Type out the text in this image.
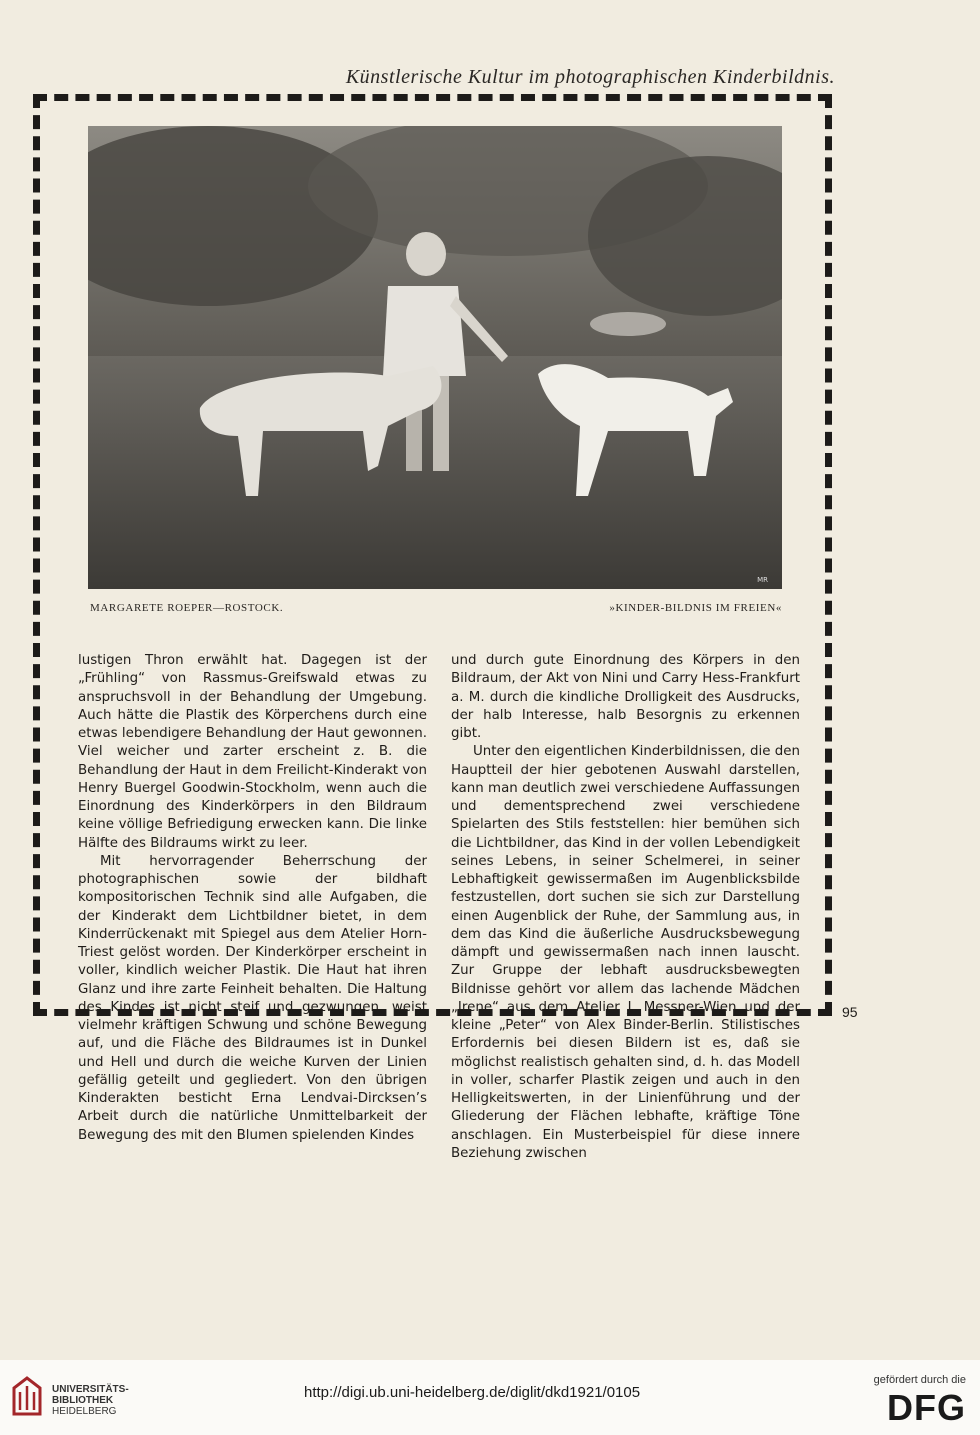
Künstlerische Kultur im photographischen Kinderbildnis.
MR
MARGARETE ROEPER—ROSTOCK.	»KINDER-BILDNIS IM FREIEN«

lustigen Thron erwählt hat. Dagegen ist der „Frühling“ von Rassmus-Greifswald etwas zu anspruchsvoll in der Behandlung der Umgebung. Auch hätte die Plastik des Körperchens durch eine etwas lebendigere Behandlung der Haut gewonnen. Viel weicher und zarter erscheint z. B. die Behandlung der Haut in dem Freilicht-Kinderakt von Henry Buergel Goodwin-Stockholm, wenn auch die Einordnung des Kinderkörpers in den Bildraum keine völlige Befriedigung erwecken kann. Die linke Hälfte des Bildraums wirkt zu leer.

Mit hervorragender Beherrschung der photographischen sowie der bildhaft kompositorischen Technik sind alle Aufgaben, die der Kinderakt dem Lichtbildner bietet, in dem Kinderrückenakt mit Spiegel aus dem Atelier Horn-Triest gelöst worden. Der Kinderkörper erscheint in voller, kindlich weicher Plastik. Die Haut hat ihren Glanz und ihre zarte Feinheit behalten. Die Haltung des Kindes ist nicht steif und gezwungen, weist vielmehr kräftigen Schwung und schöne Bewegung auf, und die Fläche des Bildraumes ist in Dunkel und Hell und durch die weiche Kurven der Linien gefällig geteilt und gegliedert. Von den übrigen Kinderakten besticht Erna Lendvai-Dircksen’s Arbeit durch die natürliche Unmittelbarkeit der Bewegung des mit den Blumen spielenden Kindes

und durch gute Einordnung des Körpers in den Bildraum, der Akt von Nini und Carry Hess-Frankfurt a. M. durch die kindliche Drolligkeit des Ausdrucks, der halb Interesse, halb Besorgnis zu erkennen gibt.

Unter den eigentlichen Kinderbildnissen, die den Hauptteil der hier gebotenen Auswahl darstellen, kann man deutlich zwei verschiedene Auffassungen und dementsprechend zwei verschiedene Spielarten des Stils feststellen: hier bemühen sich die Lichtbildner, das Kind in der vollen Lebendigkeit seines Lebens, in seiner Schelmerei, in seiner Lebhaftigkeit gewissermaßen im Augenblicksbilde festzustellen, dort suchen sie sich zur Darstellung einen Augenblick der Ruhe, der Sammlung aus, in dem das Kind die äußerliche Ausdrucksbewegung dämpft und gewissermaßen nach innen lauscht. Zur Gruppe der lebhaft ausdrucksbewegten Bildnisse gehört vor allem das lachende Mädchen „Irene“ aus dem Atelier J. Messner-Wien und der kleine „Peter“ von Alex Binder-Berlin. Stilistisches Erfordernis bei diesen Bildern ist es, daß sie möglichst realistisch gehalten sind, d. h. das Modell in voller, scharfer Plastik zeigen und auch in den Helligkeitswerten, in der Linienführung und der Gliederung der Flächen lebhafte, kräftige Töne anschlagen. Ein Musterbeispiel für diese innere Beziehung zwischen

95
UNIVERSITÄTS-
BIBLIOTHEK
HEIDELBERG
http://digi.ub.uni-heidelberg.de/diglit/dkd1921/0105
gefördert durch die
DFG
